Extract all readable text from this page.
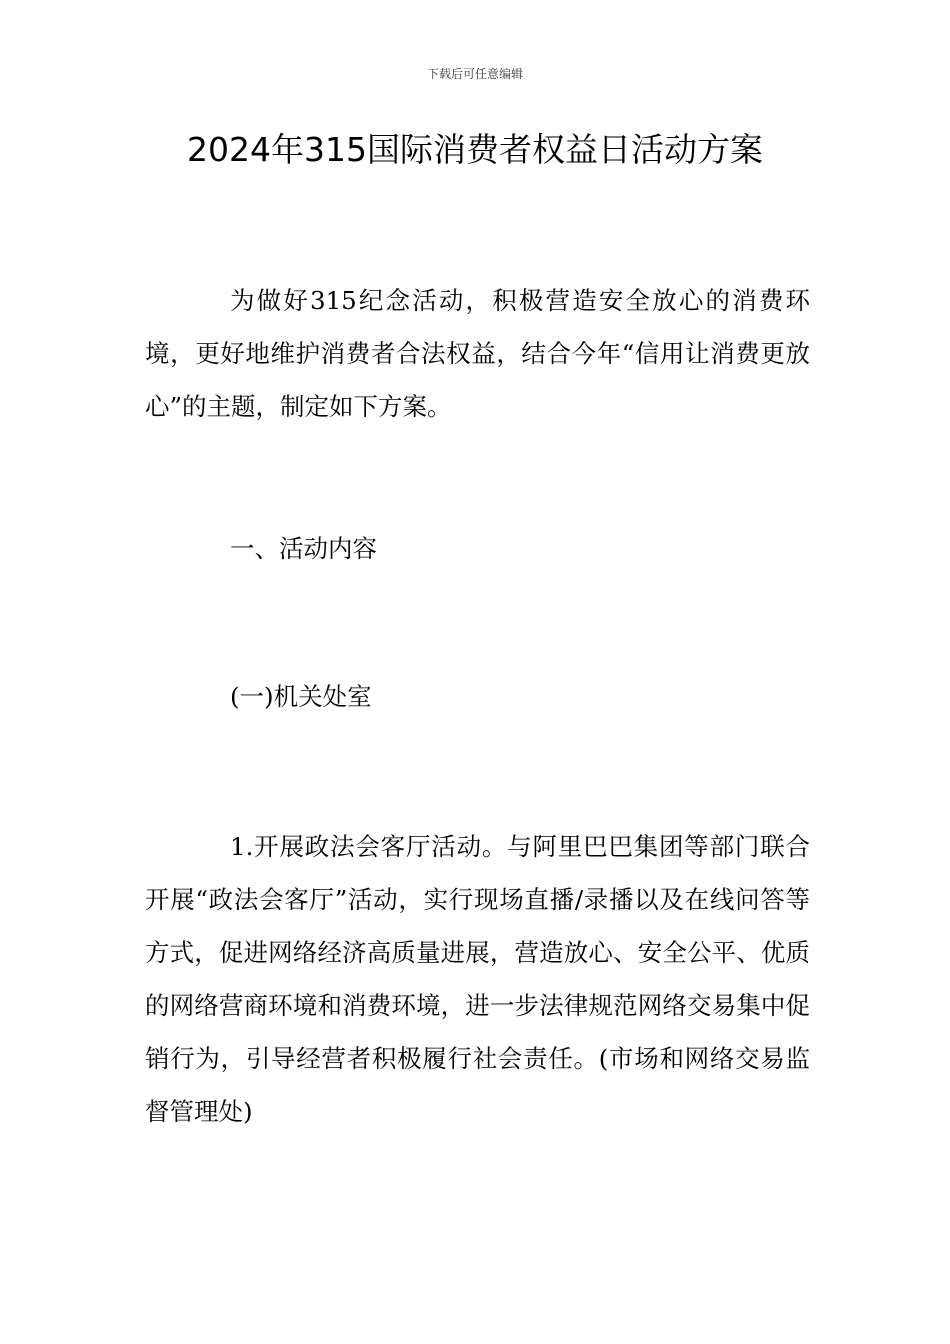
下载后可任意编辑
2024年315国际消费者权益日活动方案

为做好315纪念活动，积极营造安全放心的消费环境，更好地维护消费者合法权益，结合今年“信用让消费更放心”的主题，制定如下方案。

一、活动内容

(一)机关处室

1.开展政法会客厅活动。与阿里巴巴集团等部门联合开展“政法会客厅”活动，实行现场直播/录播以及在线问答等方式，促进网络经济高质量进展，营造放心、安全公平、优质的网络营商环境和消费环境，进一步法律规范网络交易集中促销行为，引导经营者积极履行社会责任。(市场和网络交易监督管理处)
